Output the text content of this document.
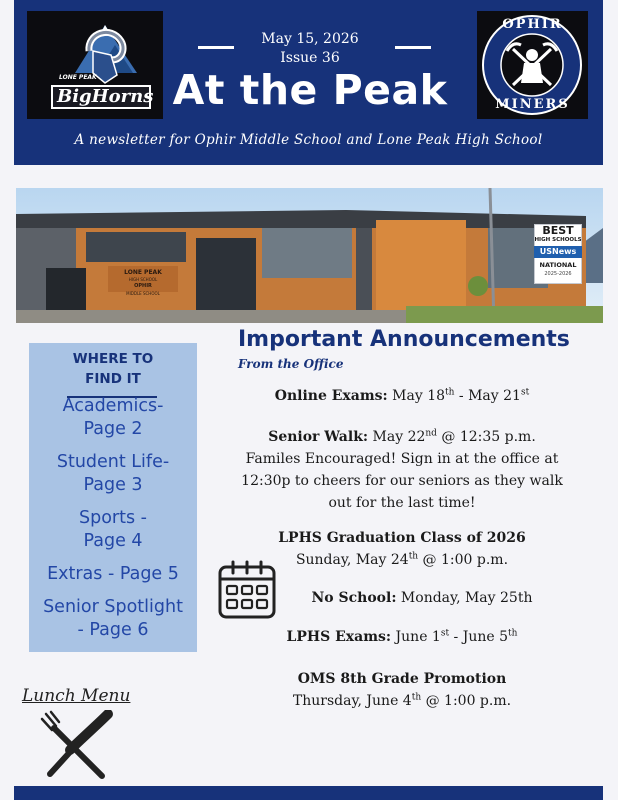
LONE PEAK
BigHorns
OPHIR
MINERS
May 15, 2026
Issue 36
At the Peak
A newsletter for Ophir Middle School and Lone Peak High School
LONE PEAK
HIGH SCHOOL
OPHIR
MIDDLE SCHOOL
BEST
HIGH SCHOOLS
USNews
NATIONAL
2025-2026
WHERE TO
FIND IT
Academics-
Page 2
Student Life-
Page 3
Sports -
Page 4
Extras - Page 5
Senior Spotlight
- Page 6
Lunch Menu
Important Announcements
From the Office
Online Exams: May 18th - May 21st
Senior Walk: May 22nd @ 12:35 p.m.
Familes Encouraged! Sign in at the office at
12:30p to cheers for our seniors as they walk
out for the last time!
LPHS Graduation Class of 2026
Sunday, May 24th @ 1:00 p.m.
No School: Monday, May 25th
LPHS Exams: June 1st - June 5th
OMS 8th Grade Promotion
Thursday, June 4th @ 1:00 p.m.
